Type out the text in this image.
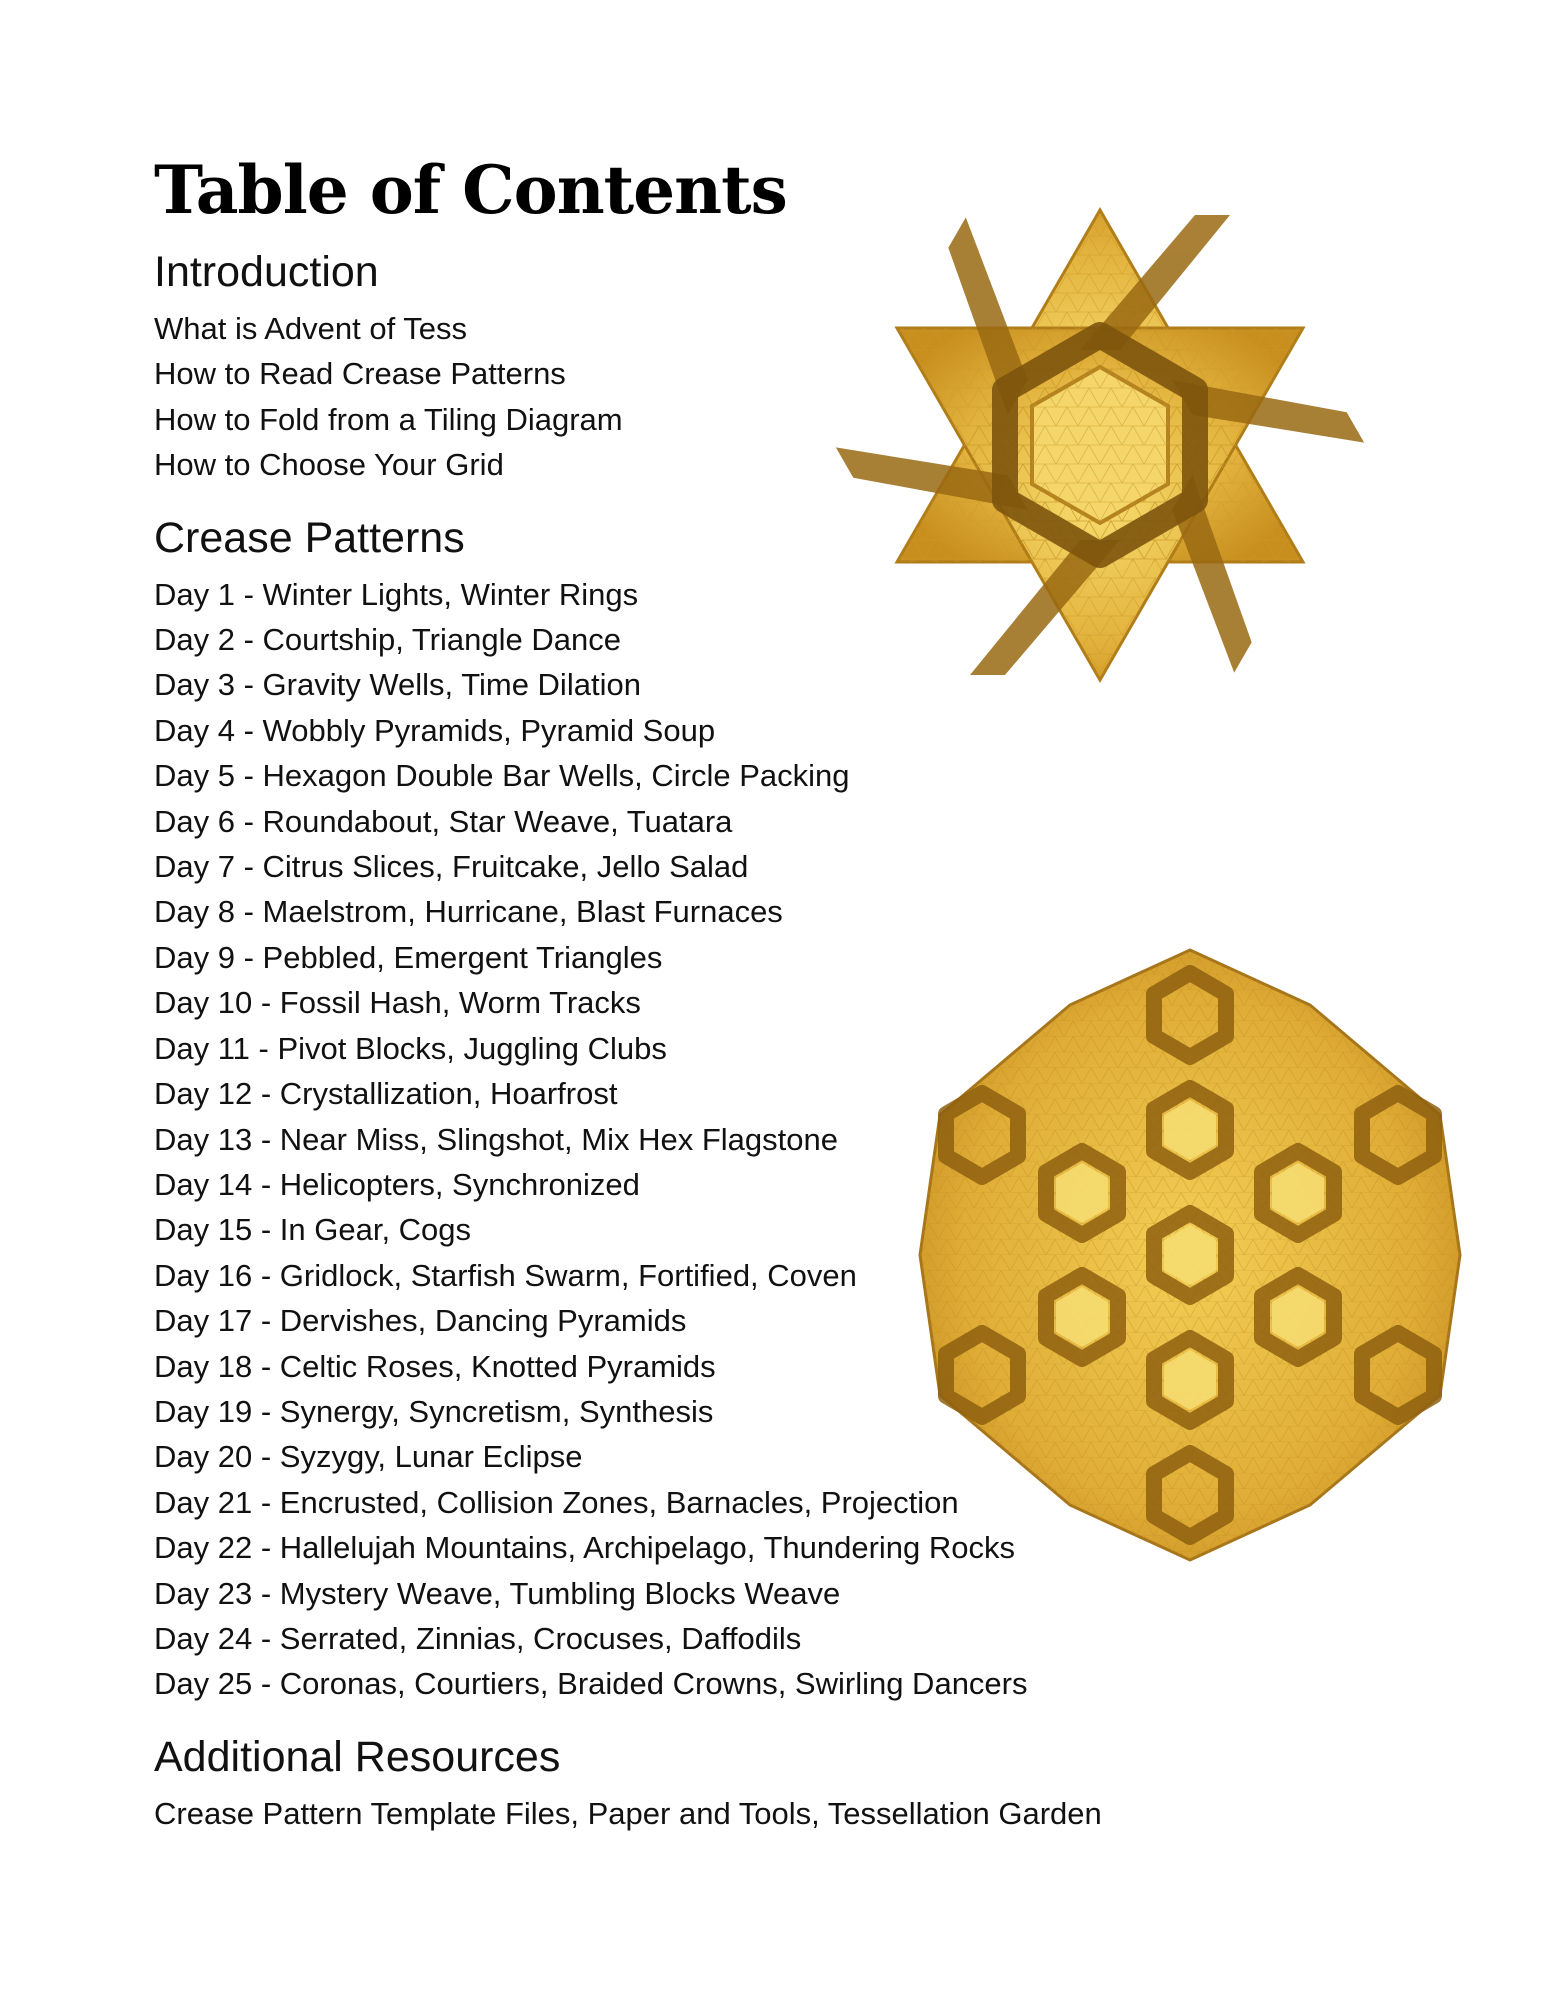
Table of Contents
Introduction
What is Advent of Tess
How to Read Crease Patterns
How to Fold from a Tiling Diagram
How to Choose Your Grid
Crease Patterns
Day 1 - Winter Lights, Winter Rings
Day 2 - Courtship, Triangle Dance
Day 3 - Gravity Wells, Time Dilation
Day 4 - Wobbly Pyramids, Pyramid Soup
Day 5 - Hexagon Double Bar Wells, Circle Packing
Day 6 - Roundabout, Star Weave, Tuatara
Day 7 - Citrus Slices, Fruitcake, Jello Salad
Day 8 - Maelstrom, Hurricane, Blast Furnaces
Day 9 - Pebbled, Emergent Triangles
Day 10 - Fossil Hash, Worm Tracks
Day 11 - Pivot Blocks, Juggling Clubs
Day 12 - Crystallization, Hoarfrost
Day 13 - Near Miss, Slingshot, Mix Hex Flagstone
Day 14 - Helicopters, Synchronized
Day 15 - In Gear, Cogs
Day 16 - Gridlock, Starfish Swarm, Fortified, Coven
Day 17 - Dervishes, Dancing Pyramids
Day 18 - Celtic Roses, Knotted Pyramids
Day 19 - Synergy, Syncretism, Synthesis
Day 20 - Syzygy, Lunar Eclipse
Day 21 - Encrusted, Collision Zones, Barnacles, Projection
Day 22 - Hallelujah Mountains, Archipelago, Thundering Rocks
Day 23 - Mystery Weave, Tumbling Blocks Weave
Day 24 - Serrated, Zinnias, Crocuses, Daffodils
Day 25 - Coronas, Courtiers, Braided Crowns, Swirling Dancers
Additional Resources
Crease Pattern Template Files, Paper and Tools, Tessellation Garden
